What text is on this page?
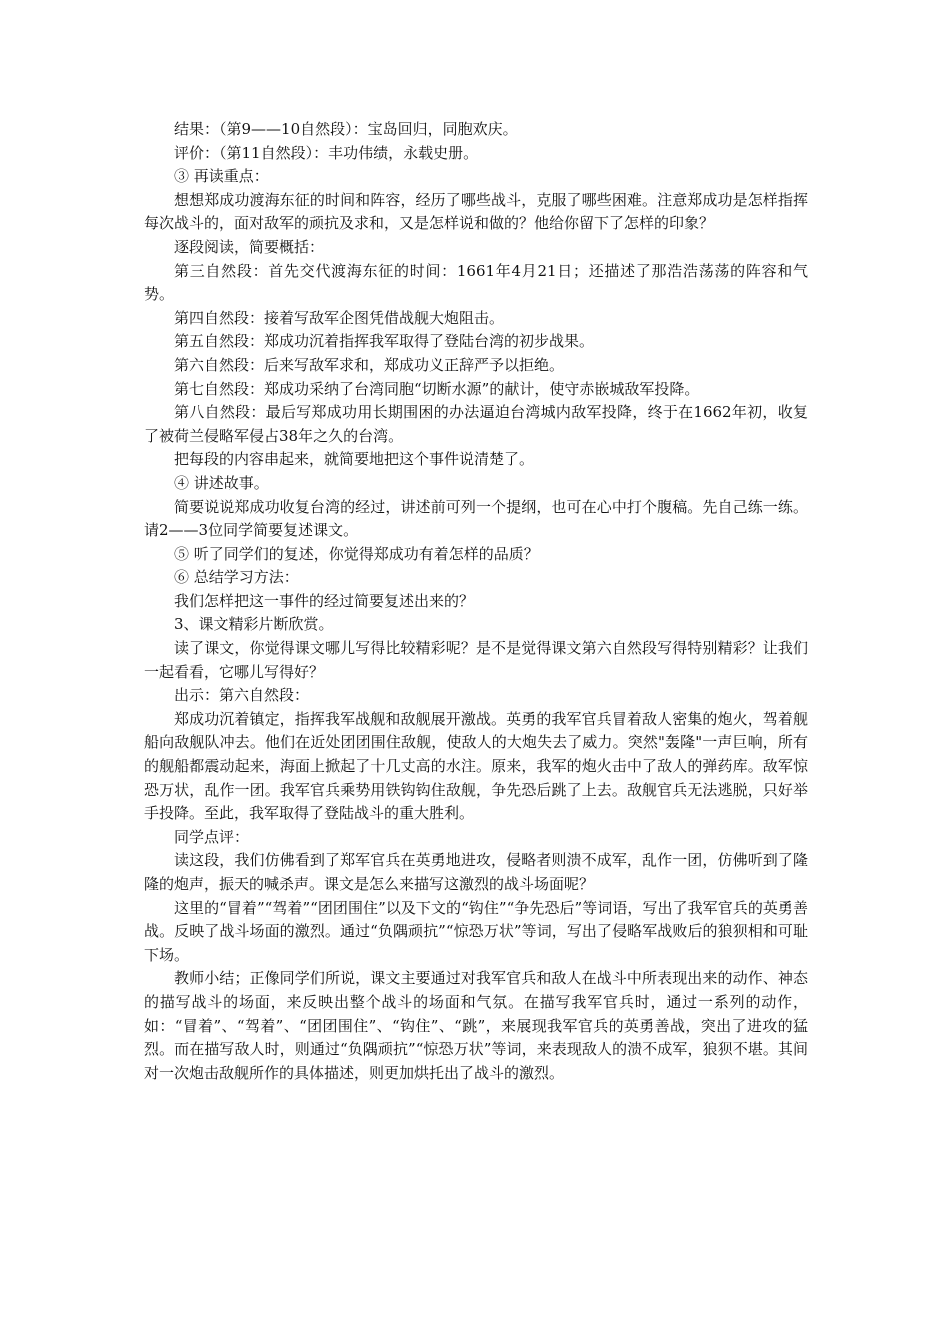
结果：（第9——10自然段）：宝岛回归，同胞欢庆。

评价：（第11自然段）：丰功伟绩，永载史册。

③ 再读重点：

想想郑成功渡海东征的时间和阵容，经历了哪些战斗，克服了哪些困难。注意郑成功是怎样指挥每次战斗的，面对敌军的顽抗及求和，又是怎样说和做的？他给你留下了怎样的印象？

逐段阅读，简要概括：

第三自然段：首先交代渡海东征的时间：1661年4月21日；还描述了那浩浩荡荡的阵容和气势。

第四自然段：接着写敌军企图凭借战舰大炮阻击。

第五自然段：郑成功沉着指挥我军取得了登陆台湾的初步战果。

第六自然段：后来写敌军求和，郑成功义正辞严予以拒绝。

第七自然段：郑成功采纳了台湾同胞“切断水源”的献计，使守赤嵌城敌军投降。

第八自然段：最后写郑成功用长期围困的办法逼迫台湾城内敌军投降，终于在1662年初，收复了被荷兰侵略军侵占38年之久的台湾。

把每段的内容串起来，就简要地把这个事件说清楚了。

④ 讲述故事。

简要说说郑成功收复台湾的经过，讲述前可列一个提纲，也可在心中打个腹稿。先自己练一练。请2——3位同学简要复述课文。

⑤ 听了同学们的复述，你觉得郑成功有着怎样的品质？

⑥ 总结学习方法：

我们怎样把这一事件的经过简要复述出来的？

3、课文精彩片断欣赏。

读了课文，你觉得课文哪儿写得比较精彩呢？是不是觉得课文第六自然段写得特别精彩？让我们一起看看，它哪儿写得好？

出示：第六自然段：

郑成功沉着镇定，指挥我军战舰和敌舰展开激战。英勇的我军官兵冒着敌人密集的炮火，驾着舰船向敌舰队冲去。他们在近处团团围住敌舰，使敌人的大炮失去了威力。突然"轰隆"一声巨响，所有的舰船都震动起来，海面上掀起了十几丈高的水注。原来，我军的炮火击中了敌人的弹药库。敌军惊恐万状，乱作一团。我军官兵乘势用铁钩钩住敌舰，争先恐后跳了上去。敌舰官兵无法逃脱，只好举手投降。至此，我军取得了登陆战斗的重大胜利。

同学点评：

读这段，我们仿佛看到了郑军官兵在英勇地进攻，侵略者则溃不成军，乱作一团，仿佛听到了隆隆的炮声，振天的喊杀声。课文是怎么来描写这激烈的战斗场面呢？

这里的“冒着”“驾着”“团团围住”以及下文的“钩住”“争先恐后”等词语，写出了我军官兵的英勇善战。反映了战斗场面的激烈。通过“负隅顽抗”“惊恐万状”等词，写出了侵略军战败后的狼狈相和可耻下场。

教师小结；正像同学们所说，课文主要通过对我军官兵和敌人在战斗中所表现出来的动作、神态的描写战斗的场面，来反映出整个战斗的场面和气氛。在描写我军官兵时，通过一系列的动作，如：“冒着”、“驾着”、“团团围住”、“钩住”、“跳”，来展现我军官兵的英勇善战，突出了进攻的猛烈。而在描写敌人时，则通过“负隅顽抗”“惊恐万状”等词，来表现敌人的溃不成军，狼狈不堪。其间对一次炮击敌舰所作的具体描述，则更加烘托出了战斗的激烈。
